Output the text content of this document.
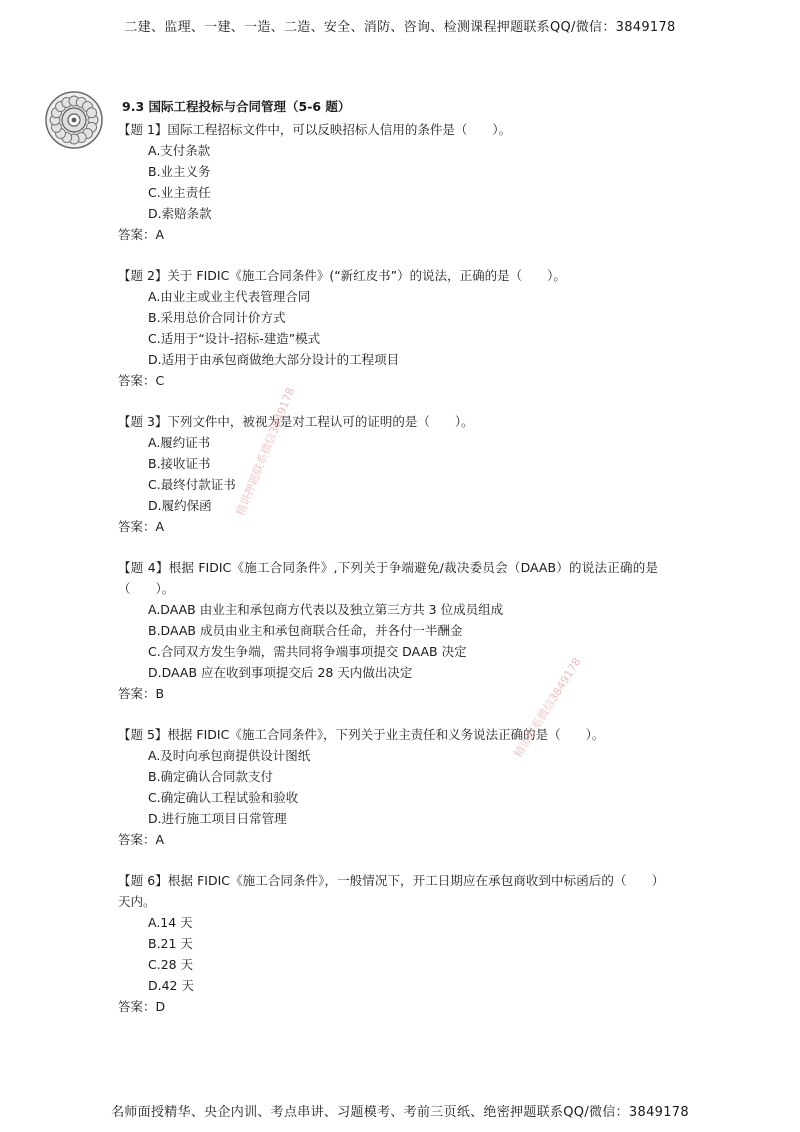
二建、监理、一建、一造、二造、安全、消防、咨询、检测课程押题联系QQ/微信：3849178
9.3 国际工程投标与合同管理（5-6 题）
【题 1】国际工程招标文件中，可以反映招标人信用的条件是（　　）。
A.支付条款
B.业主义务
C.业主责任
D.索赔条款
答案：A
【题 2】关于 FIDIC《施工合同条件》(“新红皮书”）的说法，正确的是（　　）。
A.由业主或业主代表管理合同
B.采用总价合同计价方式
C.适用于“设计-招标-建造”模式
D.适用于由承包商做绝大部分设计的工程项目
答案：C
【题 3】下列文件中，被视为是对工程认可的证明的是（　　）。
A.履约证书
B.接收证书
C.最终付款证书
D.履约保函
答案：A
【题 4】根据 FIDIC《施工合同条件》,下列关于争端避免/裁决委员会（DAAB）的说法正确的是（　　）。
A.DAAB 由业主和承包商方代表以及独立第三方共 3 位成员组成
B.DAAB 成员由业主和承包商联合任命，并各付一半酬金
C.合同双方发生争端，需共同将争端事项提交 DAAB 决定
D.DAAB 应在收到事项提交后 28 天内做出决定
答案：B
【题 5】根据 FIDIC《施工合同条件》，下列关于业主责任和义务说法正确的是（　　）。
A.及时向承包商提供设计图纸
B.确定确认合同款支付
C.确定确认工程试验和验收
D.进行施工项目日常管理
答案：A
【题 6】根据 FIDIC《施工合同条件》，一般情况下，开工日期应在承包商收到中标函后的（　　）天内。
A.14 天
B.21 天
C.28 天
D.42 天
答案：D
精讲押题联系微信3849178
精讲联系微信3849178
名师面授精华、央企内训、考点串讲、习题模考、考前三页纸、绝密押题联系QQ/微信：3849178
